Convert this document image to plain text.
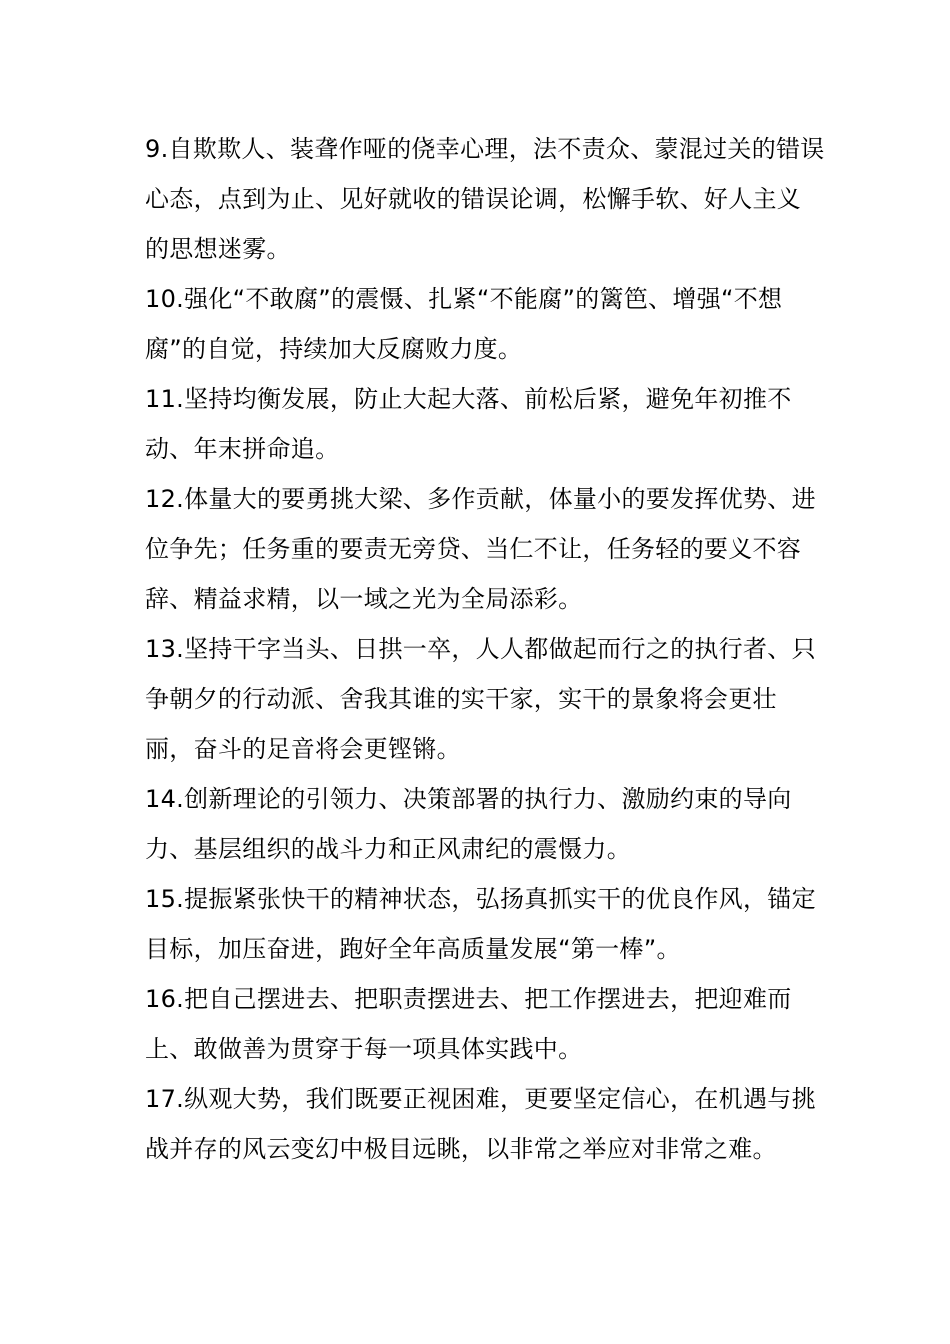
9.自欺欺人、装聋作哑的侥幸心理，法不责众、蒙混过关的错误心态，点到为止、见好就收的错误论调，松懈手软、好人主义的思想迷雾。

10.强化“不敢腐”的震慑、扎紧“不能腐”的篱笆、增强“不想腐”的自觉，持续加大反腐败力度。

11.坚持均衡发展，防止大起大落、前松后紧，避免年初推不动、年末拼命追。

12.体量大的要勇挑大梁、多作贡献，体量小的要发挥优势、进位争先；任务重的要责无旁贷、当仁不让，任务轻的要义不容辞、精益求精，以一域之光为全局添彩。

13.坚持干字当头、日拱一卒，人人都做起而行之的执行者、只争朝夕的行动派、舍我其谁的实干家，实干的景象将会更壮丽，奋斗的足音将会更铿锵。

14.创新理论的引领力、决策部署的执行力、激励约束的导向力、基层组织的战斗力和正风肃纪的震慑力。

15.提振紧张快干的精神状态，弘扬真抓实干的优良作风，锚定目标，加压奋进，跑好全年高质量发展“第一棒”。

16.把自己摆进去、把职责摆进去、把工作摆进去，把迎难而上、敢做善为贯穿于每一项具体实践中。

17.纵观大势，我们既要正视困难，更要坚定信心，在机遇与挑战并存的风云变幻中极目远眺，以非常之举应对非常之难。
